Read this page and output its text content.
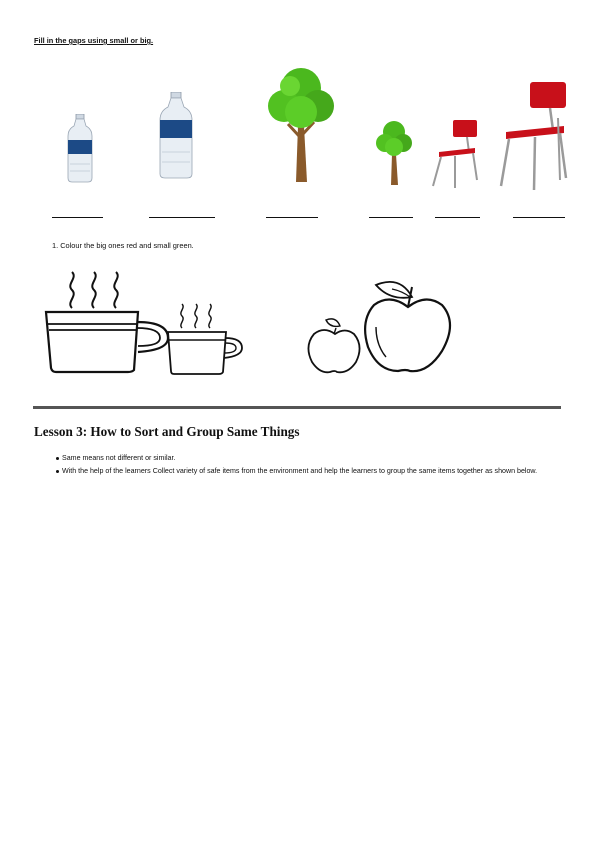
Fill in the gaps using small or big.
1. Colour the big ones red and small green.
Lesson 3: How to Sort and Group Same Things
Same means not different or similar.
With the help of the learners Collect variety of safe items from the environment and help the learners to group the same items together as shown below.
